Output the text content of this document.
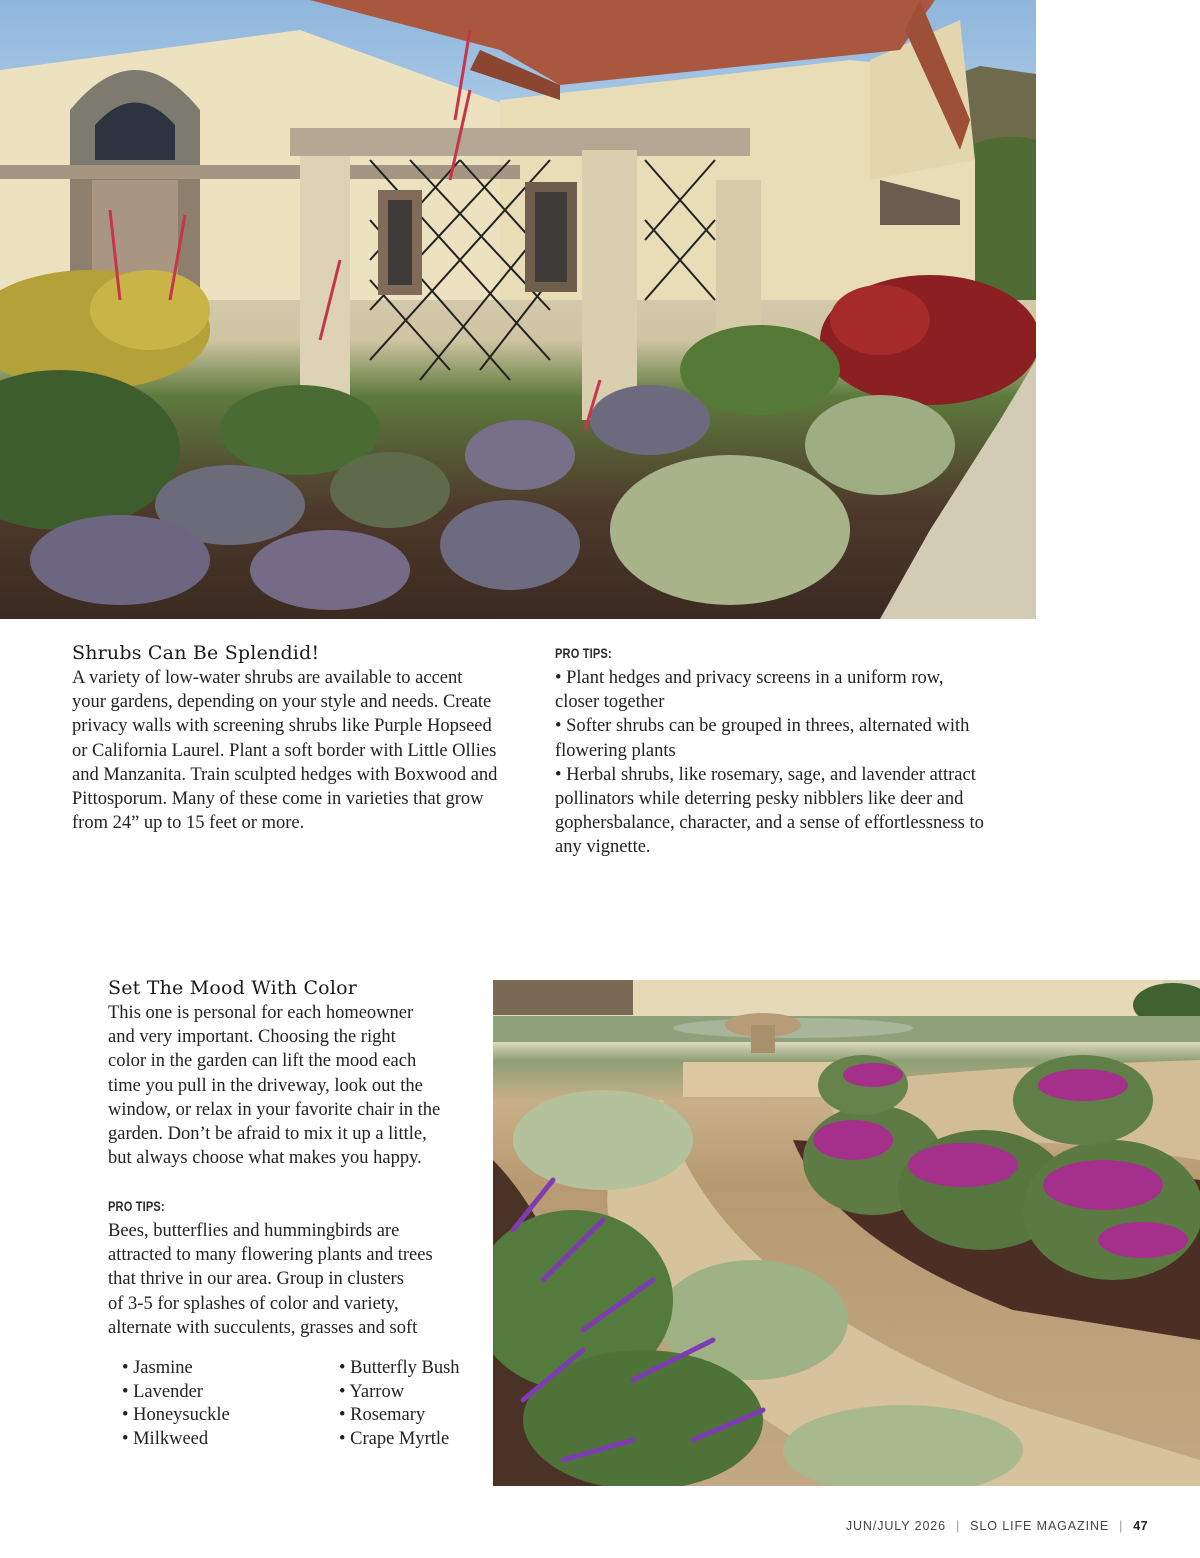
Shrubs Can Be Splendid!

A variety of low-water shrubs are available to accent
your gardens, depending on your style and needs. Create
privacy walls with screening shrubs like Purple Hopseed
or California Laurel. Plant a soft border with Little Ollies
and Manzanita. Train sculpted hedges with Boxwood and
Pittosporum. Many of these come in varieties that grow
from 24” up to 15 feet or more.

PRO TIPS:
• Plant hedges and privacy screens in a uniform row,
closer together
• Softer shrubs can be grouped in threes, alternated with
flowering plants
• Herbal shrubs, like rosemary, sage, and lavender attract
pollinators while deterring pesky nibblers like deer and
gophersbalance, character, and a sense of effortlessness to
any vignette.
Set The Mood With Color

This one is personal for each homeowner
and very important. Choosing the right
color in the garden can lift the mood each
time you pull in the driveway, look out the
window, or relax in your favorite chair in the
garden. Don’t be afraid to mix it up a little,
but always choose what makes you happy.

PRO TIPS:

Bees, butterflies and hummingbirds are
attracted to many flowering plants and trees
that thrive in our area. Group in clusters
of 3-5 for splashes of color and variety,
alternate with succulents, grasses and soft

• Jasmine
• Lavender
• Honeysuckle
• Milkweed
• Butterfly Bush
• Yarrow
• Rosemary
• Crape Myrtle
JUN/JULY 2026 | SLO LIFE MAGAZINE | 47
